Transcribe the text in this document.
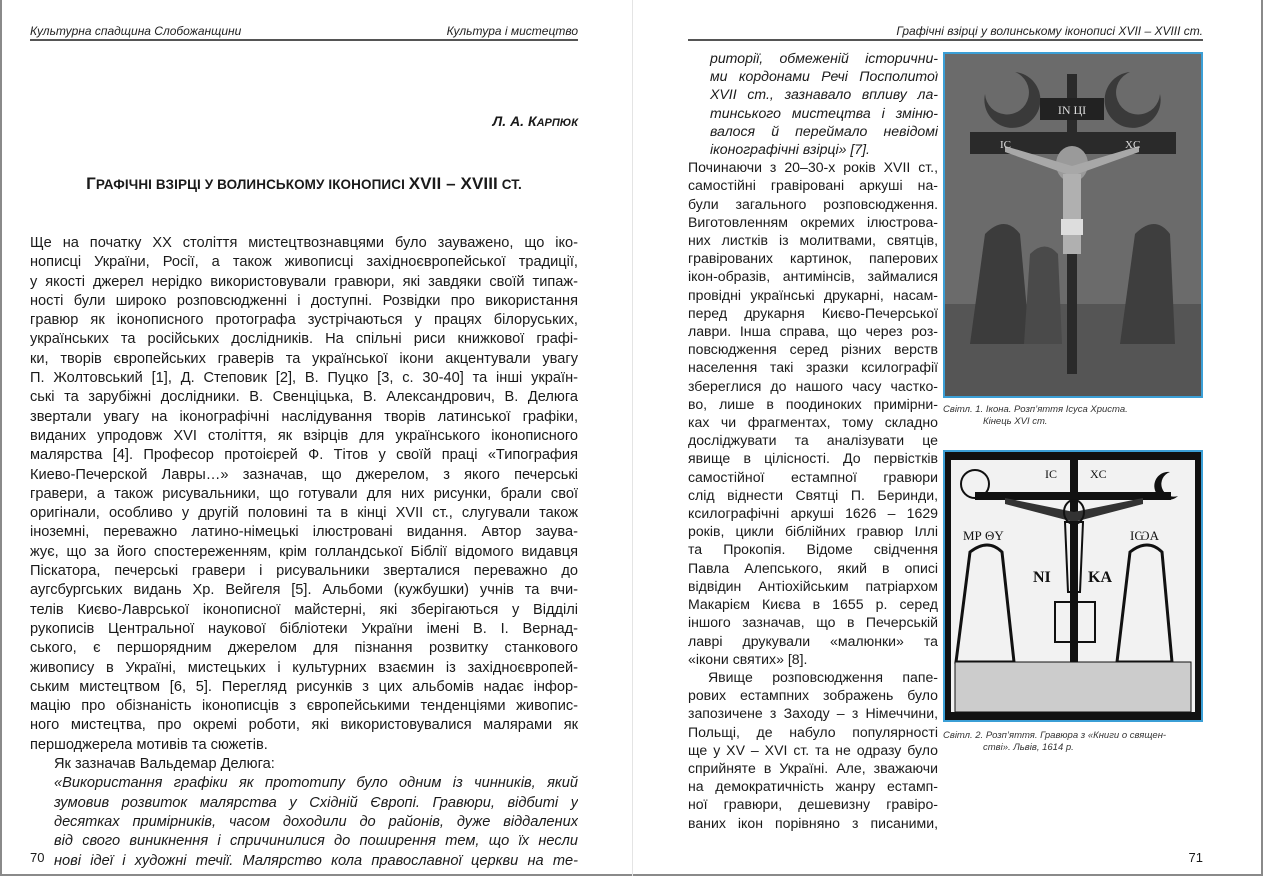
Культурна спадщина Слобожанщини	Культура і мистецтво
Л. А. КАРПЮК
ГРАФІЧНІ ВЗІРЦІ У ВОЛИНСЬКОМУ ІКОНОПИСІ XVII – XVIII СТ.
Ще на початку XX століття мистецтвознавцями було зауважено, що іко-
нописці України, Росії, а також живописці західноєвропейської традиції,
у якості джерел нерідко використовували гравюри, які завдяки своїй типаж-
ності були широко розповсюдженні і доступні. Розвідки про використання
гравюр як іконописного протографа зустрічаються у працях білоруських,
українських та російських дослідників. На спільні риси книжкової графі-
ки, творів європейських граверів та української ікони акцентували увагу
П. Жолтовський [1], Д. Степовик [2], В. Пуцко [3, с. 30-40] та інші україн-
ські та зарубіжні дослідники. В. Свенціцька, В. Александрович, В. Делюга
звертали увагу на іконографічні наслідування творів латинської графіки,
виданих упродовж XVI століття, як взірців для українського іконописного
малярства [4]. Професор протоієрей Ф. Тітов у своїй праці «Типография
Киево-Печерской Лавры…» зазначав, що джерелом, з якого печерські
гравери, а також рисувальники, що готували для них рисунки, брали свої
оригінали, особливо у другій половині та в кінці XVII ст., слугували також
іноземні, переважно латино-німецькі ілюстровані видання. Автор заува-
жує, що за його спостереженням, крім голландської Біблії відомого видавця
Піскатора, печерські гравери і рисувальники зверталися переважно до
аугсбургських видань Хр. Вейгеля [5]. Альбоми (кужбушки) учнів та вчи-
телів Києво-Лаврської іконописної майстерні, які зберігаються у Відділі
рукописів Центральної наукової бібліотеки України імені В. І. Вернад-
ського, є першорядним джерелом для пізнання розвитку станкового
живопису в Україні, мистецьких і культурних взаємин із західноєвропей-
ським мистецтвом [6, 5]. Перегляд рисунків з цих альбомів надає інфор-
мацію про обізнаність іконописців з європейськими тенденціями живопис-
ного мистецтва, про окремі роботи, які використовувалися малярами як
першоджерела мотивів та сюжетів.
Як зазначав Вальдемар Делюга:
«Використання графіки як прототипу було одним із чинників, який
зумовив розвиток малярства у Східній Європі. Гравюри, відбиті у
десятках примірників, часом доходили до районів, дуже віддалених
від свого виникнення і спричинилися до поширення тем, що їх несли
нові ідеї і художні течії. Малярство кола православної церкви на те-
70
Графічні взірці у волинському іконописі XVII – XVIII ст.
риторії, обмеженій історични-
ми кордонами Речі Посполитої
XVII ст., зазнавало впливу ла-
тинського мистецтва і зміню-
валося й переймало невідомі
іконографічні взірці» [7].
Починаючи з 20–30-х років XVII ст.,
самостійні гравіровані аркуші на-
були загального розповсюдження.
Виготовленням окремих ілюстрова-
них листків із молитвами, святців,
гравірованих картинок, паперових
ікон-образів, антимінсів, займалися
провідні українські друкарні, насам-
перед друкарня Києво-Печерської
лаври. Інша справа, що через роз-
повсюдження серед різних верств
населення такі зразки ксилографії
збереглися до нашого часу частко-
во, лише в поодиноких примірни-
ках чи фрагментах, тому складно
досліджувати та аналізувати це
явище в цілісності. До первістків
самостійної естампної гравюри
слід віднести Святці П. Беринди,
ксилографічні аркуші 1626 – 1629
років, цикли біблійних гравюр Іллі
та Прокопія. Відоме свідчення
Павла Алепського, який в описі
відвідин Антіохійським патріархом
Макарієм Києва в 1655 р. серед
іншого зазначав, що в Печерській
лаврі друкували «малюнки» та
«ікони святих» [8].
Явище розповсюдження папе-
рових естампних зображень було
запозичене з Заходу – з Німеччини,
Польщі, де набуло популярності
ще у XV – XVI ст. та не одразу було
сприйняте в Україні. Але, зважаючи
на демократичність жанру естамп-
ної гравюри, дешевизну гравіро-
ваних ікон порівняно з писаними,
IN ЦІ
IC	XC
Світл. 1. Ікона. Розп’яття Ісуса Христа.
Кінець XVI ст.
IC	XC
MР ΘY	ІѠА
NI KA
Світл. 2. Розп’яття. Гравюра з «Книги о священ-
стві». Львів, 1614 р.
71
